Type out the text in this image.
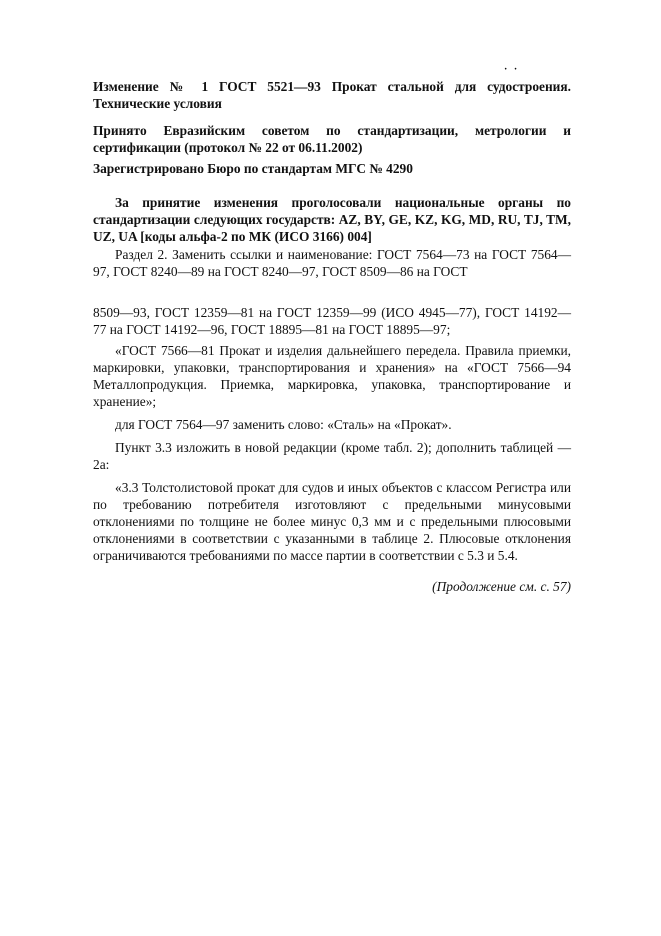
· ·
Изменение № 1 ГОСТ 5521—93 Прокат стальной для судостроения. Технические условия
Принято Евразийским советом по стандартизации, метрологии и сертификации (протокол № 22 от 06.11.2002)
Зарегистрировано Бюро по стандартам МГС № 4290
За принятие изменения проголосовали национальные органы по стандартизации следующих государств: AZ, BY, GE, KZ, KG, MD, RU, TJ, TM, UZ, UA [коды альфа-2 по МК (ИСО 3166) 004]

Раздел 2. Заменить ссылки и наименование: ГОСТ 7564—73 на ГОСТ 7564—97, ГОСТ 8240—89 на ГОСТ 8240—97, ГОСТ 8509—86 на ГОСТ

8509—93, ГОСТ 12359—81 на ГОСТ 12359—99 (ИСО 4945—77), ГОСТ 14192—77 на ГОСТ 14192—96, ГОСТ 18895—81 на ГОСТ 18895—97;

«ГОСТ 7566—81 Прокат и изделия дальнейшего передела. Правила приемки, маркировки, упаковки, транспортирования и хранения» на «ГОСТ 7566—94 Металлопродукция. Приемка, маркировка, упаковка, транспортирование и хранение»;

для ГОСТ 7564—97 заменить слово: «Сталь» на «Прокат».

Пункт 3.3 изложить в новой редакции (кроме табл. 2); дополнить таблицей — 2а:

«3.3 Толстолистовой прокат для судов и иных объектов с классом Регистра или по требованию потребителя изготовляют с предельными минусовыми отклонениями по толщине не более минус 0,3 мм и с предельными плюсовыми отклонениями в соответствии с указанными в таблице 2. Плюсовые отклонения ограничиваются требованиями по массе партии в соответствии с 5.3 и 5.4.

(Продолжение см. с. 57)
